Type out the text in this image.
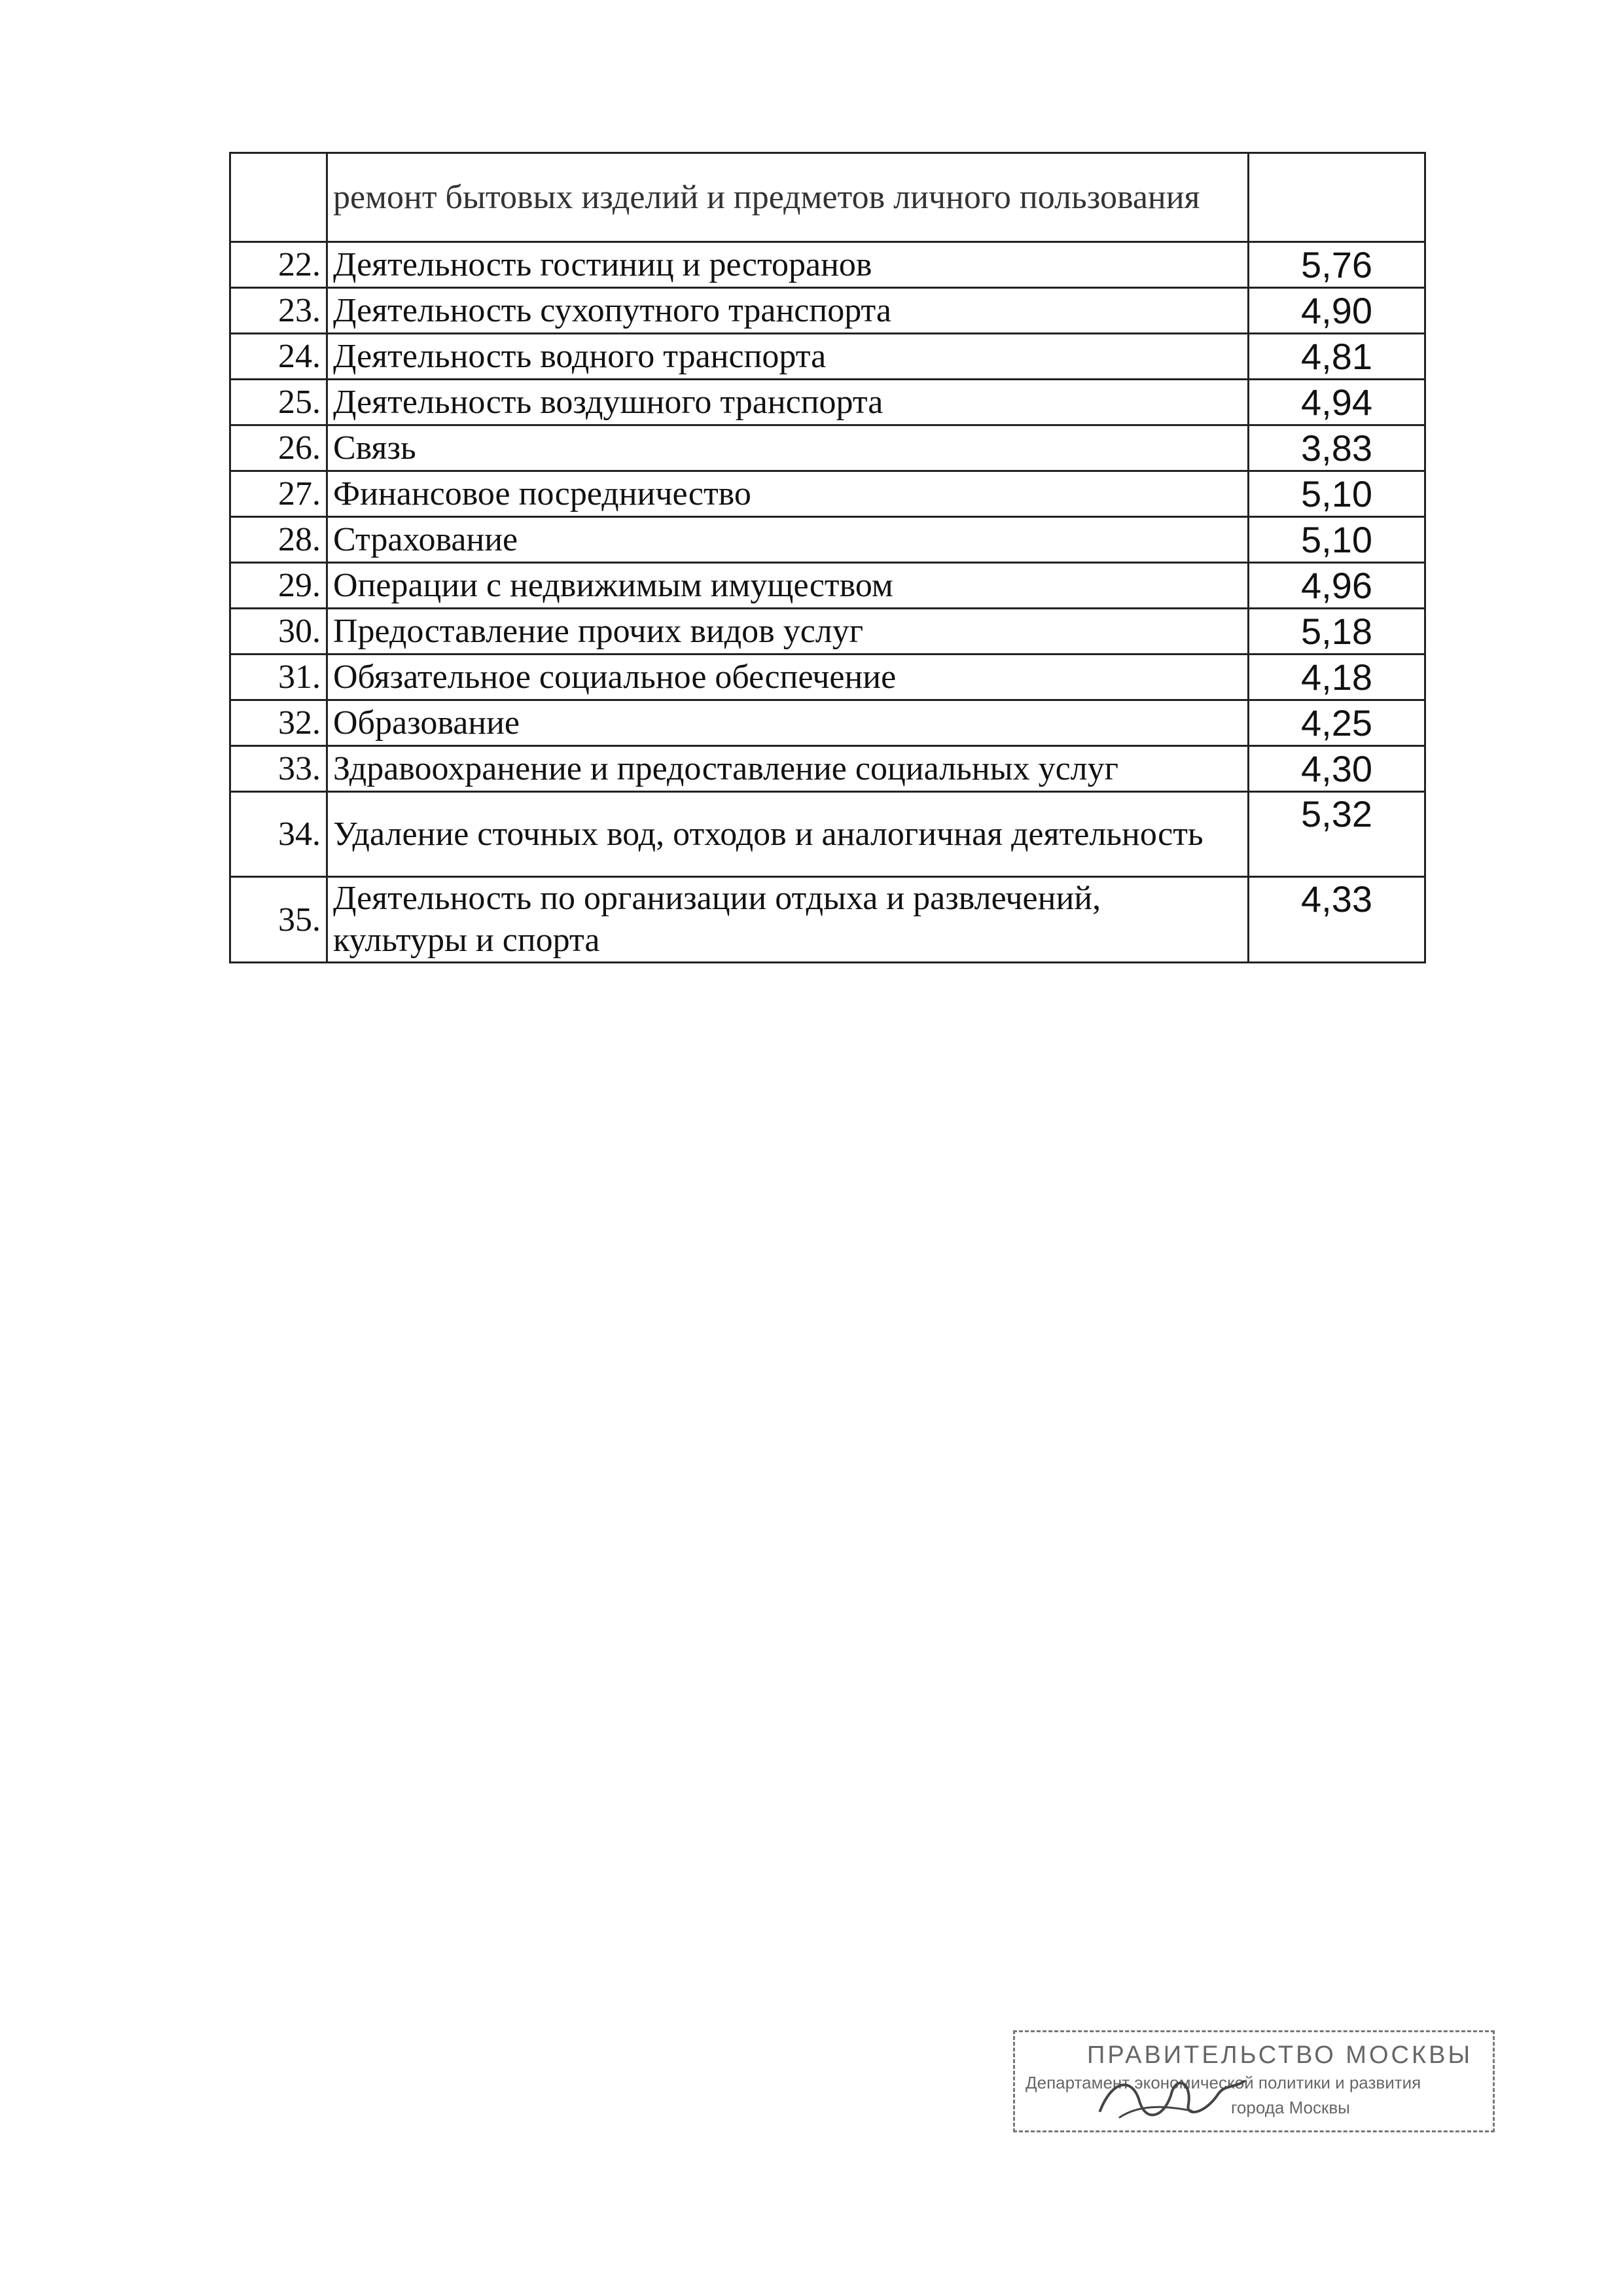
	ремонт бытовых изделий и предметов личного пользования	
22.	Деятельность гостиниц и ресторанов	5,76
23.	Деятельность сухопутного транспорта	4,90
24.	Деятельность водного транспорта	4,81
25.	Деятельность воздушного транспорта	4,94
26.	Связь	3,83
27.	Финансовое посредничество	5,10
28.	Страхование	5,10
29.	Операции с недвижимым имуществом	4,96
30.	Предоставление прочих видов услуг	5,18
31.	Обязательное социальное обеспечение	4,18
32.	Образование	4,25
33.	Здравоохранение и предоставление социальных услуг	4,30
34.	Удаление сточных вод, отходов и аналогичная деятельность	5,32
35.	Деятельность по организации отдыха и развлечений, культуры и спорта	4,33
ПРАВИТЕЛЬСТВО МОСКВЫ
Департамент экономической политики и развития
города Москвы
